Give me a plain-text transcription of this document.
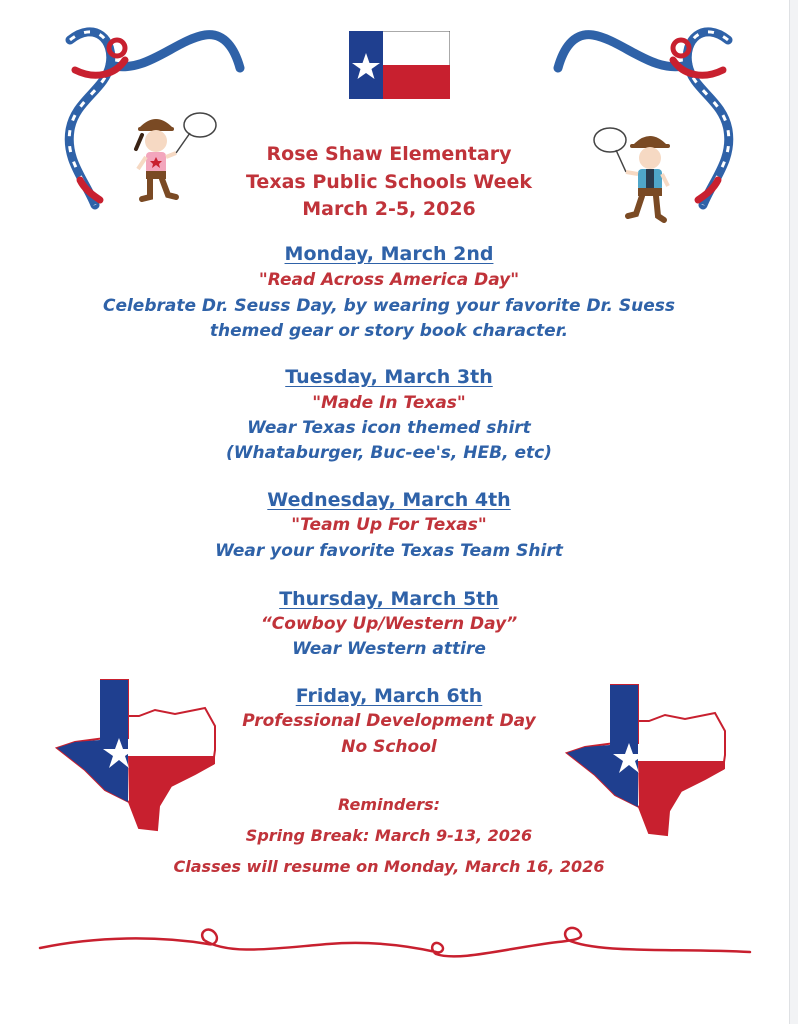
Rose Shaw Elementary

Texas Public Schools Week

March 2-5, 2026

Monday, March 2nd

"Read Across America Day"

Celebrate Dr. Seuss Day, by wearing your favorite Dr. Suess

themed gear or story book character.

Tuesday, March 3th

"Made In Texas"

Wear Texas icon themed shirt

(Whataburger, Buc-ee's, HEB, etc)

Wednesday, March 4th

"Team Up For Texas"

Wear your favorite Texas Team Shirt

Thursday, March 5th

“Cowboy Up/Western Day”

Wear Western attire

Friday, March 6th

Professional Development Day

No School

Reminders:

Spring Break: March 9-13, 2026

Classes will resume on Monday, March 16, 2026
